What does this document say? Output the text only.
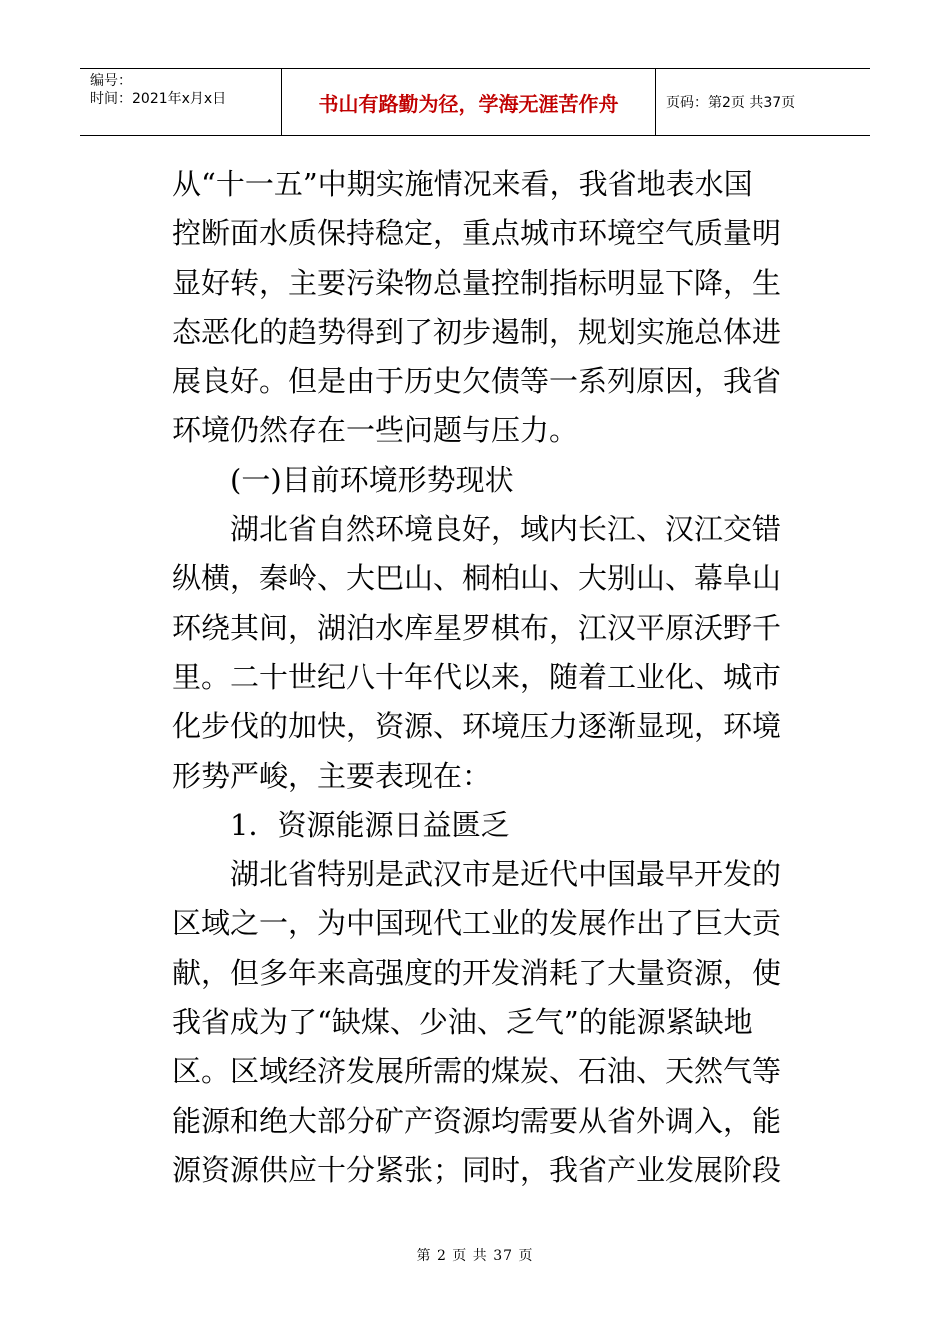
编号：
时间：2021年x月x日	书山有路勤为径，学海无涯苦作舟	页码：第2页 共37页
从“十一五”中期实施情况来看，我省地表水国
控断面水质保持稳定，重点城市环境空气质量明
显好转，主要污染物总量控制指标明显下降，生
态恶化的趋势得到了初步遏制，规划实施总体进
展良好。但是由于历史欠债等一系列原因，我省
环境仍然存在一些问题与压力。
　　(一)目前环境形势现状
　　湖北省自然环境良好，域内长江、汉江交错
纵横，秦岭、大巴山、桐柏山、大别山、幕阜山
环绕其间，湖泊水库星罗棋布，江汉平原沃野千
里。二十世纪八十年代以来，随着工业化、城市
化步伐的加快，资源、环境压力逐渐显现，环境
形势严峻，主要表现在：
　　1．资源能源日益匮乏
　　湖北省特别是武汉市是近代中国最早开发的
区域之一，为中国现代工业的发展作出了巨大贡
献，但多年来高强度的开发消耗了大量资源，使
我省成为了“缺煤、少油、乏气”的能源紧缺地
区。区域经济发展所需的煤炭、石油、天然气等
能源和绝大部分矿产资源均需要从省外调入，能
源资源供应十分紧张；同时，我省产业发展阶段
第 2 页 共 37 页
